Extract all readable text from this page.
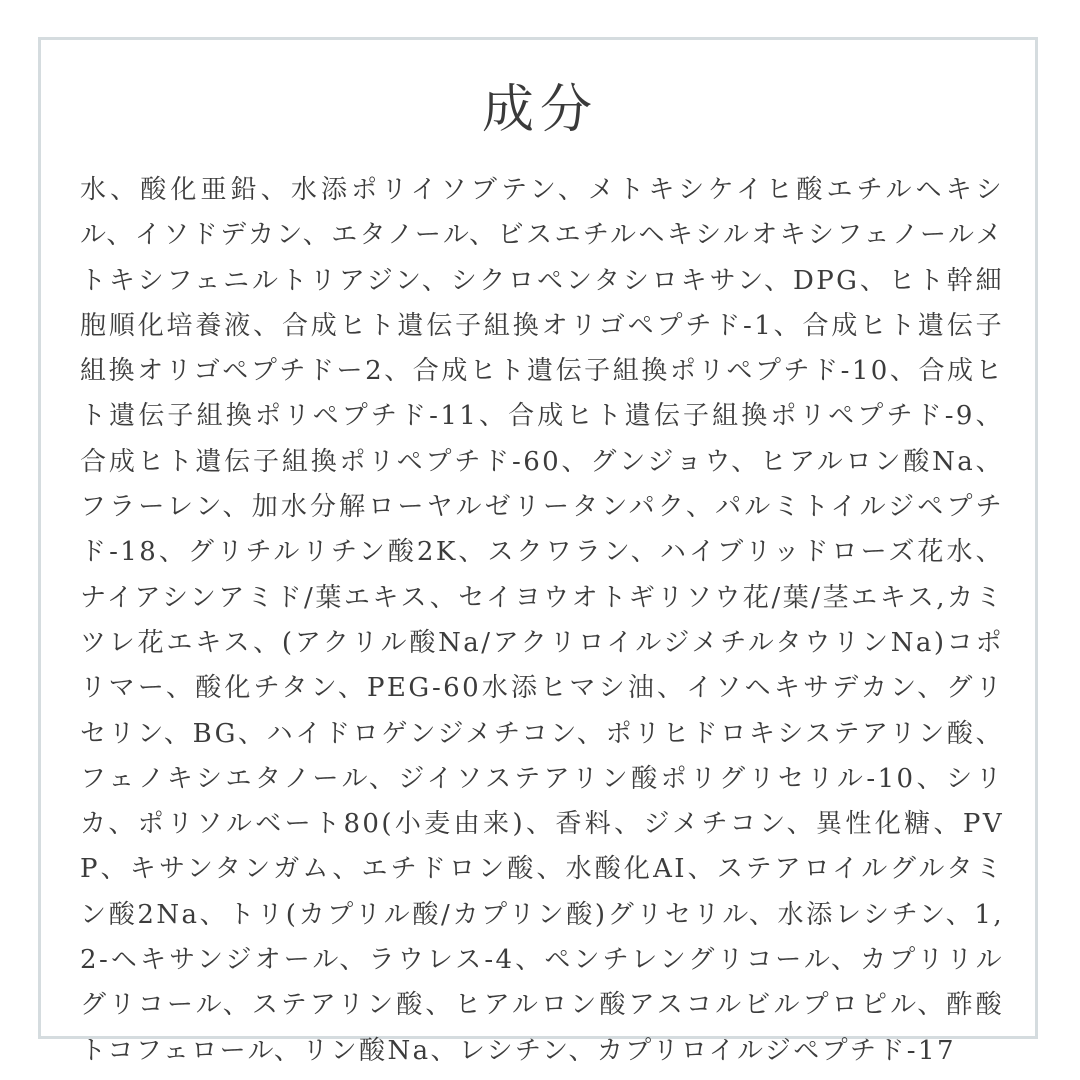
成分

水、酸化亜鉛、水添ポリイソブテン、メトキシケイヒ酸エチルヘキシル、イソドデカン、エタノール、ビスエチルヘキシルオキシフェノールメトキシフェニルトリアジン、シクロペンタシロキサン、DPG、ヒト幹細胞順化培養液、合成ヒト遺伝子組換オリゴペプチド-1、合成ヒト遺伝子組換オリゴペプチドー2、合成ヒト遺伝子組換ポリペプチド-10、合成ヒト遺伝子組換ポリペプチド-11、合成ヒト遺伝子組換ポリペプチド-9、合成ヒト遺伝子組換ポリペプチド-60、グンジョウ、ヒアルロン酸Na、フラーレン、加水分解ローヤルゼリータンパク、パルミトイルジペプチド-18、グリチルリチン酸2K、スクワラン、ハイブリッドローズ花水、ナイアシンアミド/葉エキス、セイヨウオトギリソウ花/葉/茎エキス,カミツレ花エキス、(アクリル酸Na/アクリロイルジメチルタウリンNa)コポリマー、酸化チタン、PEG-60水添ヒマシ油、イソヘキサデカン、グリセリン、BG、ハイドロゲンジメチコン、ポリヒドロキシステアリン酸、フェノキシエタノール、ジイソステアリン酸ポリグリセリル-10、シリカ、ポリソルベート80(小麦由来)、香料、ジメチコン、異性化糖、PVP、キサンタンガム、エチドロン酸、水酸化AI、ステアロイルグルタミン酸2Na、トリ(カプリル酸/カプリン酸)グリセリル、水添レシチン、1,2-ヘキサンジオール、ラウレス-4、ペンチレングリコール、カプリリルグリコール、ステアリン酸、ヒアルロン酸アスコルビルプロピル、酢酸トコフェロール、リン酸Na、レシチン、カプリロイルジペプチド-17
